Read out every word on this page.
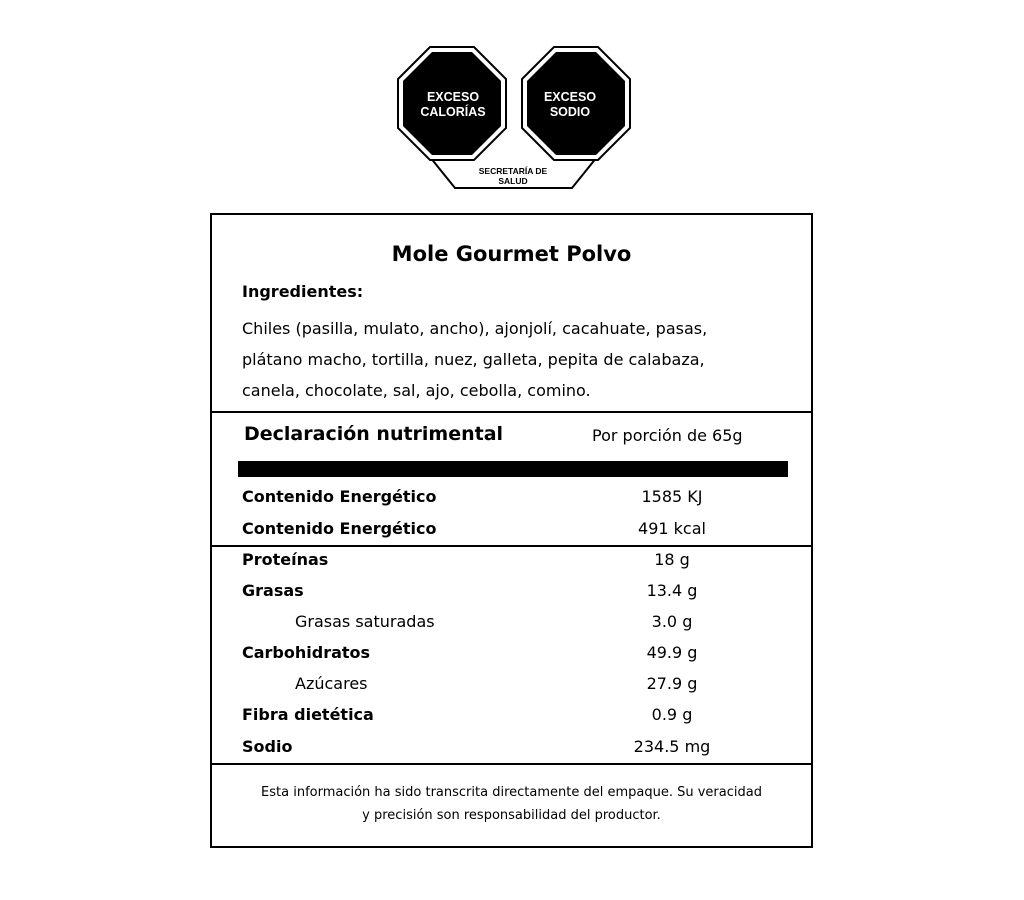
EXCESO
CALORÍAS
EXCESO
SODIO
SECRETARÍA DE
SALUD
Mole Gourmet Polvo
Ingredientes:
Chiles (pasilla, mulato, ancho), ajonjolí, cacahuate, pasas,
plátano macho, tortilla, nuez, galleta, pepita de calabaza,
canela, chocolate, sal, ajo, cebolla, comino.
Declaración nutrimental	Por porción de 65g
Contenido Energético	1585 KJ
Contenido Energético	491 kcal
Proteínas	18 g
Grasas	13.4 g
Grasas saturadas	3.0 g
Carbohidratos	49.9 g
Azúcares	27.9 g
Fibra dietética	0.9 g
Sodio	234.5 mg
Esta información ha sido transcrita directamente del empaque. Su veracidad
y precisión son responsabilidad del productor.
